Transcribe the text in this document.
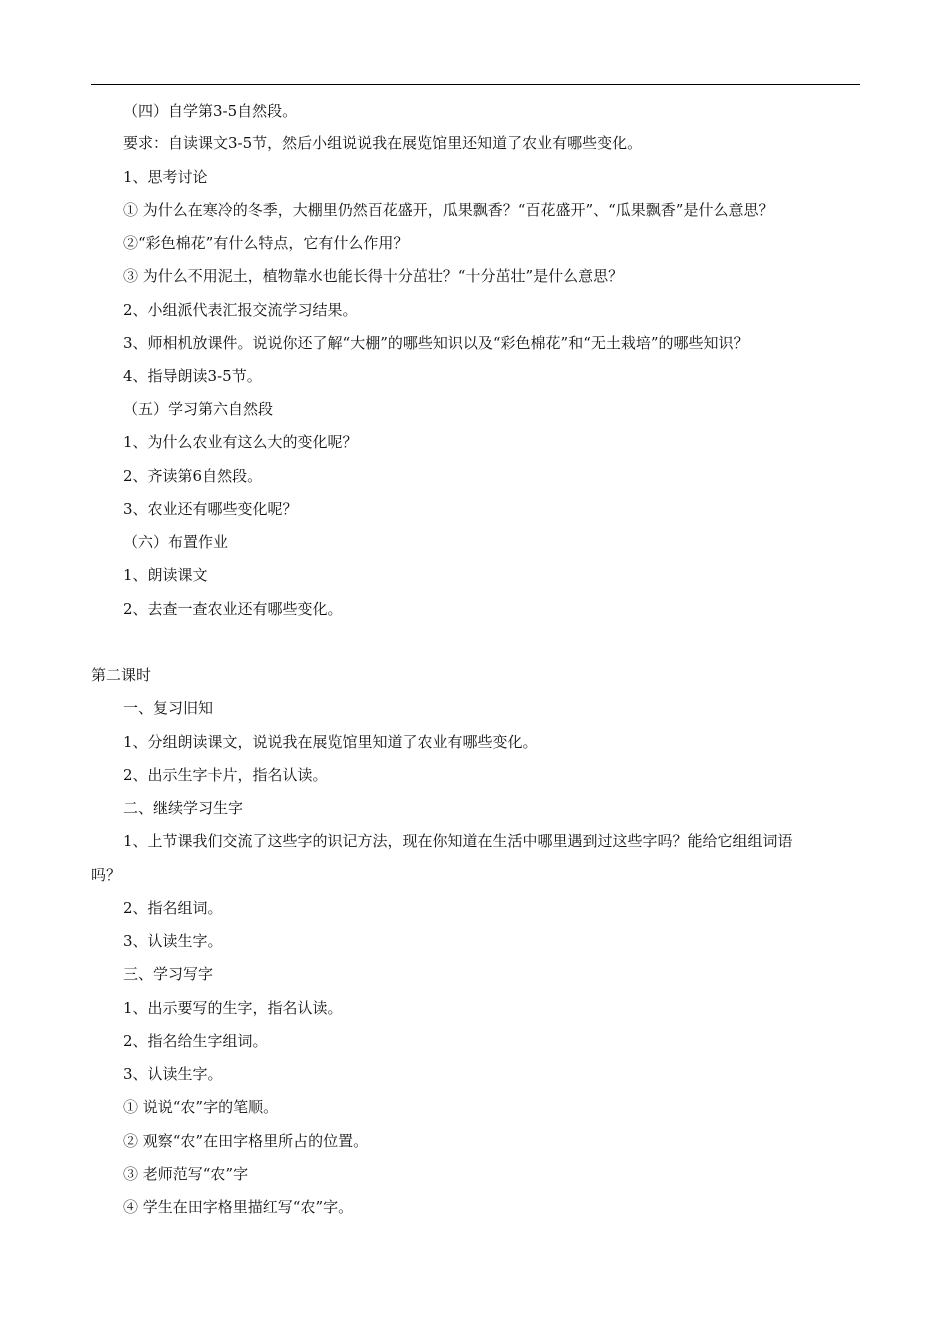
（四）自学第3-5自然段。
要求：自读课文3-5节，然后小组说说我在展览馆里还知道了农业有哪些变化。
1、思考讨论
① 为什么在寒冷的冬季，大棚里仍然百花盛开，瓜果飘香？“百花盛开”、“瓜果飘香”是什么意思？
②“彩色棉花”有什么特点，它有什么作用？
③ 为什么不用泥土，植物靠水也能长得十分茁壮？“十分茁壮”是什么意思？
2、小组派代表汇报交流学习结果。
3、师相机放课件。说说你还了解“大棚”的哪些知识以及“彩色棉花”和“无土栽培”的哪些知识？
4、指导朗读3-5节。
（五）学习第六自然段
1、为什么农业有这么大的变化呢？
2、齐读第6自然段。
3、农业还有哪些变化呢？
（六）布置作业
1、朗读课文
2、去查一查农业还有哪些变化。
第二课时
一、复习旧知
1、分组朗读课文，说说我在展览馆里知道了农业有哪些变化。
2、出示生字卡片，指名认读。
二、继续学习生字
1、上节课我们交流了这些字的识记方法，现在你知道在生活中哪里遇到过这些字吗？能给它组组词语
吗？
2、指名组词。
3、认读生字。
三、学习写字
1、出示要写的生字，指名认读。
2、指名给生字组词。
3、认读生字。
① 说说“农”字的笔顺。
② 观察“农”在田字格里所占的位置。
③ 老师范写“农”字
④ 学生在田字格里描红写“农”字。
